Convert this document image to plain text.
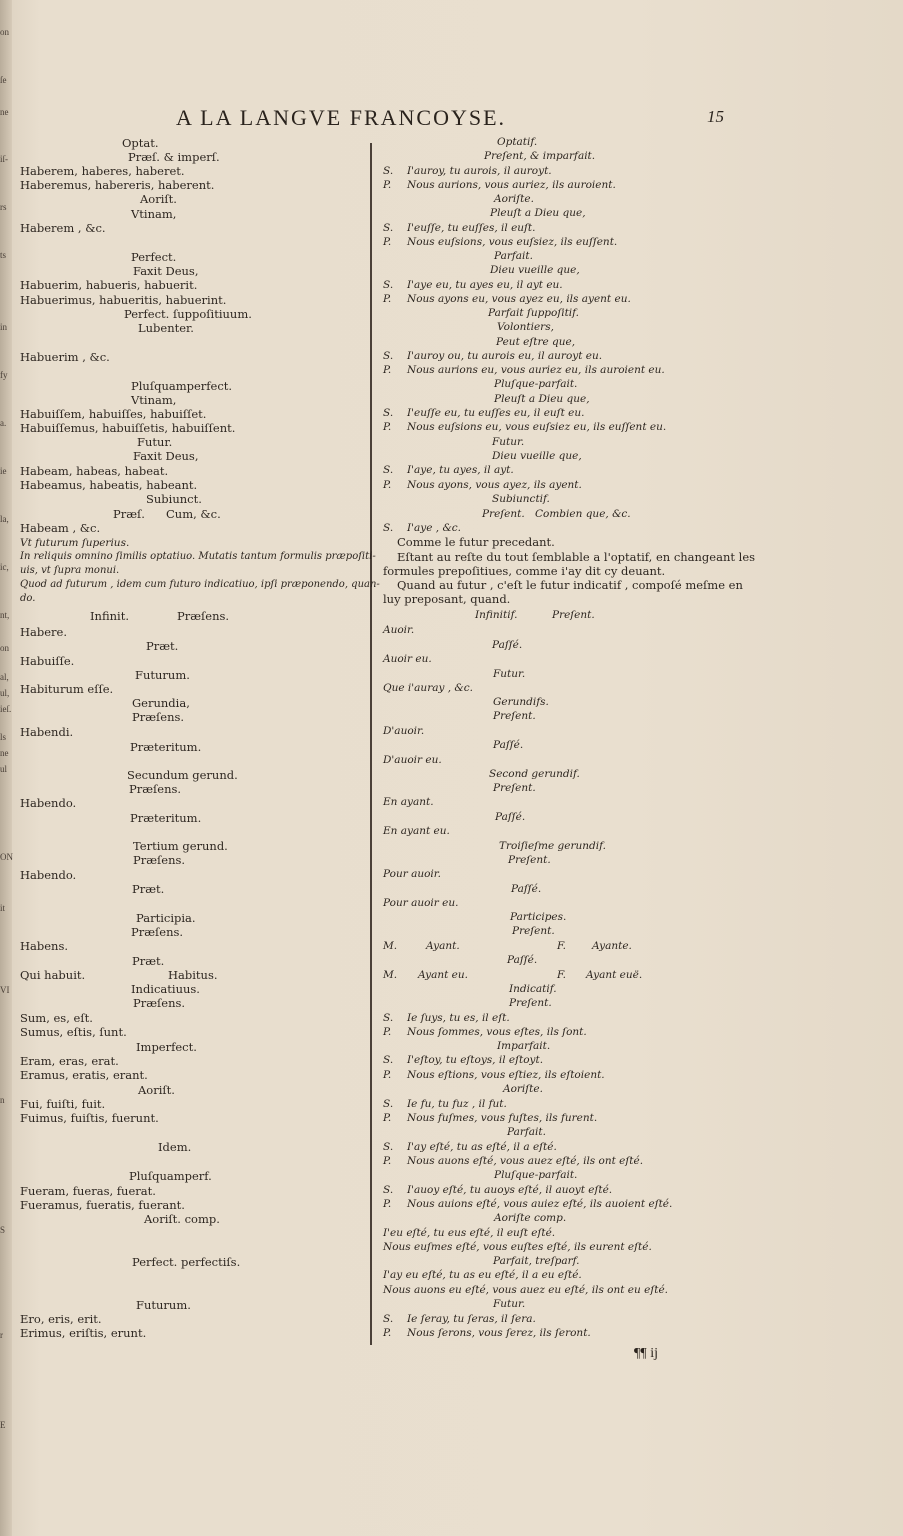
A LA LANGVE FRANCOYSE.	15
on
ſe
ne
iſ-
rs
ts
in
fy
a.
ie
la,
ic,
nt,
on
al,
ul,
ieſ.
ls
ne
ul
ON
it
VI
n
S
r
E
Optat.
Præſ. & imperſ.
Haberem, haberes, haberet.
Haberemus, habereris, haberent.
Aoriſt.
Vtinam,
Haberem , &c.
Perfect.
Faxit Deus,
Habuerim, habueris, habuerit.
Habuerimus, habueritis, habuerint.
Perfect. ſuppoſitiuum.
Lubenter.
Habuerim , &c.
Pluſquamperfect.
Vtinam,
Habuiſſem, habuiſſes, habuiſſet.
Habuiſſemus, habuiſſetis, habuiſſent.
Futur.
Faxit Deus,
Habeam, habeas, habeat.
Habeamus, habeatis, habeant.
Subiunct.
Præſ. Cum, &c.
Habeam , &c.
Vt futurum ſuperius.
In reliquis omnino ſimilis optatiuo. Mutatis tantum formulis præpoſiti-
uis, vt ſupra monui.
Quod ad futurum , idem cum futuro indicatiuo, ipſi præponendo, quan-
do.
Infinit.	Præſens.
Habere.
Præt.
Habuiſſe.
Futurum.
Habiturum eſſe.
Gerundia,
Præſens.
Habendi.
Præteritum.
Secundum gerund.
Præſens.
Habendo.
Præteritum.
Tertium gerund.
Præſens.
Habendo.
Præt.
Participia.
Præſens.
Habens.
Præt.
Qui habuit.	Habitus.
Indicatiuus.
Præſens.
Sum, es, eſt.
Sumus, eſtis, ſunt.
Imperfect.
Eram, eras, erat.
Eramus, eratis, erant.
Aoriſt.
Fui, fuiſti, fuit.
Fuimus, fuiſtis, fuerunt.
Idem.
Pluſquamperf.
Fueram, fueras, fuerat.
Fueramus, fueratis, fuerant.
Aoriſt. comp.
Perfect. perfectiſs.
Futurum.
Ero, eris, erit.
Erimus, eriſtis, erunt.
Optatif.
Preſent, & imparfait.
S. I'auroy, tu aurois, il auroyt.
P. Nous aurions, vous auriez, ils auroient.
Aoriſte.
Pleuſt a Dieu que,
S. I'euſſe, tu euſſes, il euſt.
P. Nous euſsions, vous euſsiez, ils euſſent.
Parfait.
Dieu vueille que,
S. I'aye eu, tu ayes eu, il ayt eu.
P. Nous ayons eu, vous ayez eu, ils ayent eu.
Parfait ſuppoſitif.
Volontiers,
Peut eſtre que,
S. I'auroy ou, tu aurois eu, il auroyt eu.
P. Nous aurions eu, vous auriez eu, ils auroient eu.
Pluſque-parfait.
Pleuſt a Dieu que,
S. I'euſſe eu, tu euſſes eu, il euſt eu.
P. Nous euſsions eu, vous euſsiez eu, ils euſſent eu.
Futur.
Dieu vueille que,
S. I'aye, tu ayes, il ayt.
P. Nous ayons, vous ayez, ils ayent.
Subiunctif.
Preſent. Combien que, &c.
S. I'aye , &c.
Comme le futur precedant.
Eſtant au reſte du tout ſemblable a l'optatif, en changeant les
formules prepoſitiues, comme i'ay dit cy deuant.
Quand au futur , c'eſt le futur indicatif , compoſé meſme en
luy preposant, quand.
Infinitif.	Preſent.
Auoir.
Paſſé.
Auoir eu.
Futur.
Que i'auray , &c.
Gerundifs.
Preſent.
D'auoir.
Paſſé.
D'auoir eu.
Second gerundif.
Preſent.
En ayant.
Paſſé.
En ayant eu.
Troiſieſme gerundif.
Preſent.
Pour auoir.
Paſſé.
Pour auoir eu.
Participes.
Preſent.
M.	Ayant.	F. Ayante.
Paſſé.
M. Ayant eu.	F. Ayant euë.
Indicatif.
Preſent.
S. Ie ſuys, tu es, il eſt.
P. Nous ſommes, vous eſtes, ils ſont.
Imparfait.
S. I'eſtoy, tu eſtoys, il eſtoyt.
P. Nous eſtions, vous eſtiez, ils eſtoient.
Aoriſte.
S. Ie fu, tu fuz , il fut.
P. Nous fuſmes, vous fuſtes, ils furent.
Parfait.
S. I'ay eſté, tu as eſté, il a eſté.
P. Nous auons eſté, vous auez eſté, ils ont eſté.
Pluſque-parfait.
S. I'auoy eſté, tu auoys eſté, il auoyt eſté.
P. Nous auions eſté, vous auiez eſté, ils auoient eſté.
Aoriſte comp.
I'eu eſté, tu eus eſté, il euſt eſté.
Nous euſmes eſté, vous euſtes eſté, ils eurent eſté.
Parfait, treſparf.
I'ay eu eſté, tu as eu eſté, il a eu eſté.
Nous auons eu eſté, vous auez eu eſté, ils ont eu eſté.
Futur.
S. Ie ſeray, tu ſeras, il ſera.
P. Nous ſerons, vous ſerez, ils ſeront.
¶¶ ij
